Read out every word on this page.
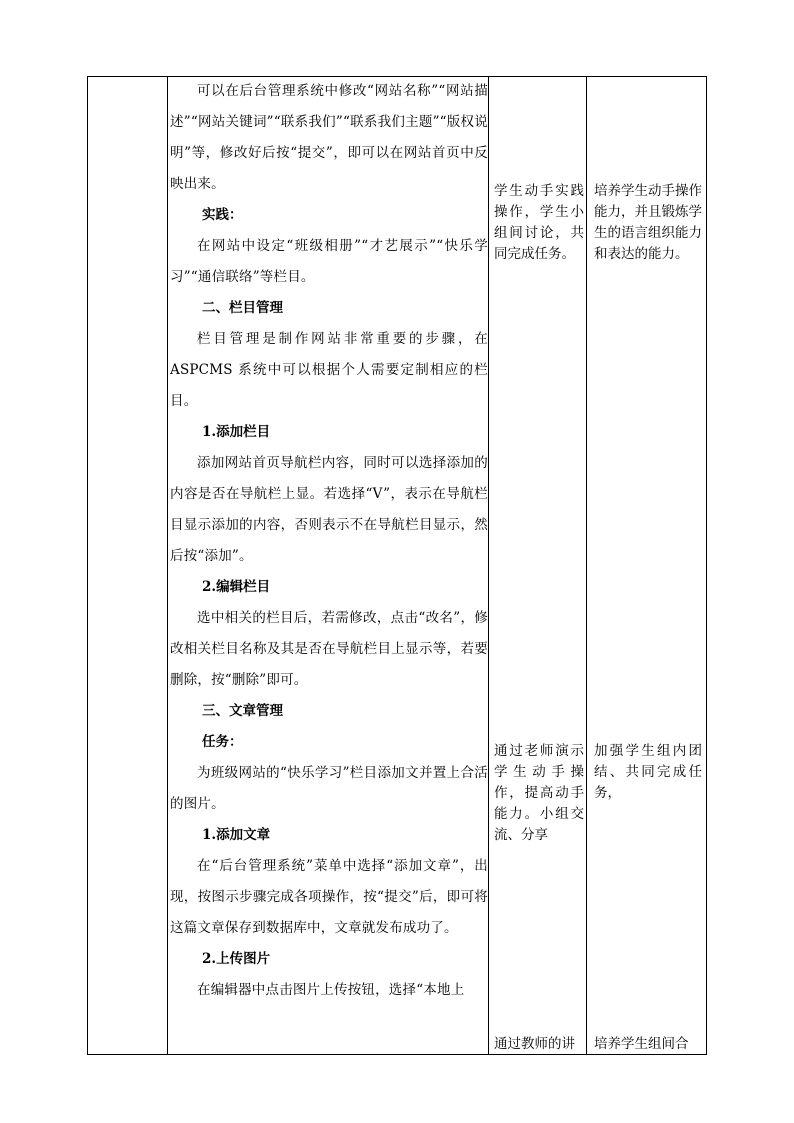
可以在后台管理系统中修改“网站名称”“网站描述”“网站关键词”“联系我们”“联系我们主题”“版权说明”等，修改好后按“提交”，即可以在网站首页中反映出来。

实践：

在网站中设定“班级相册”“才艺展示”“快乐学习”“通信联络”等栏目。

二、栏目管理

栏目管理是制作网站非常重要的步骤，在ASPCMS 系统中可以根据个人需要定制相应的栏目。

1.添加栏目

添加网站首页导航栏内容，同时可以选择添加的内容是否在导航栏上显。若选择“V”，表示在导航栏目显示添加的内容，否则表示不在导航栏目显示，然后按“添加”。

2.编辑栏目

选中相关的栏目后，若需修改，点击“改名”，修改相关栏目名称及其是否在导航栏目上显示等，若要删除，按“删除”即可。

三、文章管理

任务：

为班级网站的“快乐学习”栏目添加文并置上合活的图片。

1.添加文章

在“后台管理系统”菜单中选择“添加文章”，出现，按图示步骤完成各项操作，按“提交”后，即可将这篇文章保存到数据库中，文章就发布成功了。

2.上传图片

在编辑器中点击图片上传按钮，选择“本地上

学生动手实践操作，学生小组间讨论，共同完成任务。

通过老师演示学生动手操作，提高动手能力。小组交流、分享

通过教师的讲

培养学生动手操作能力，并且锻炼学生的语言组织能力和表达的能力。

加强学生组内团结、共同完成任务，

培养学生组间合
